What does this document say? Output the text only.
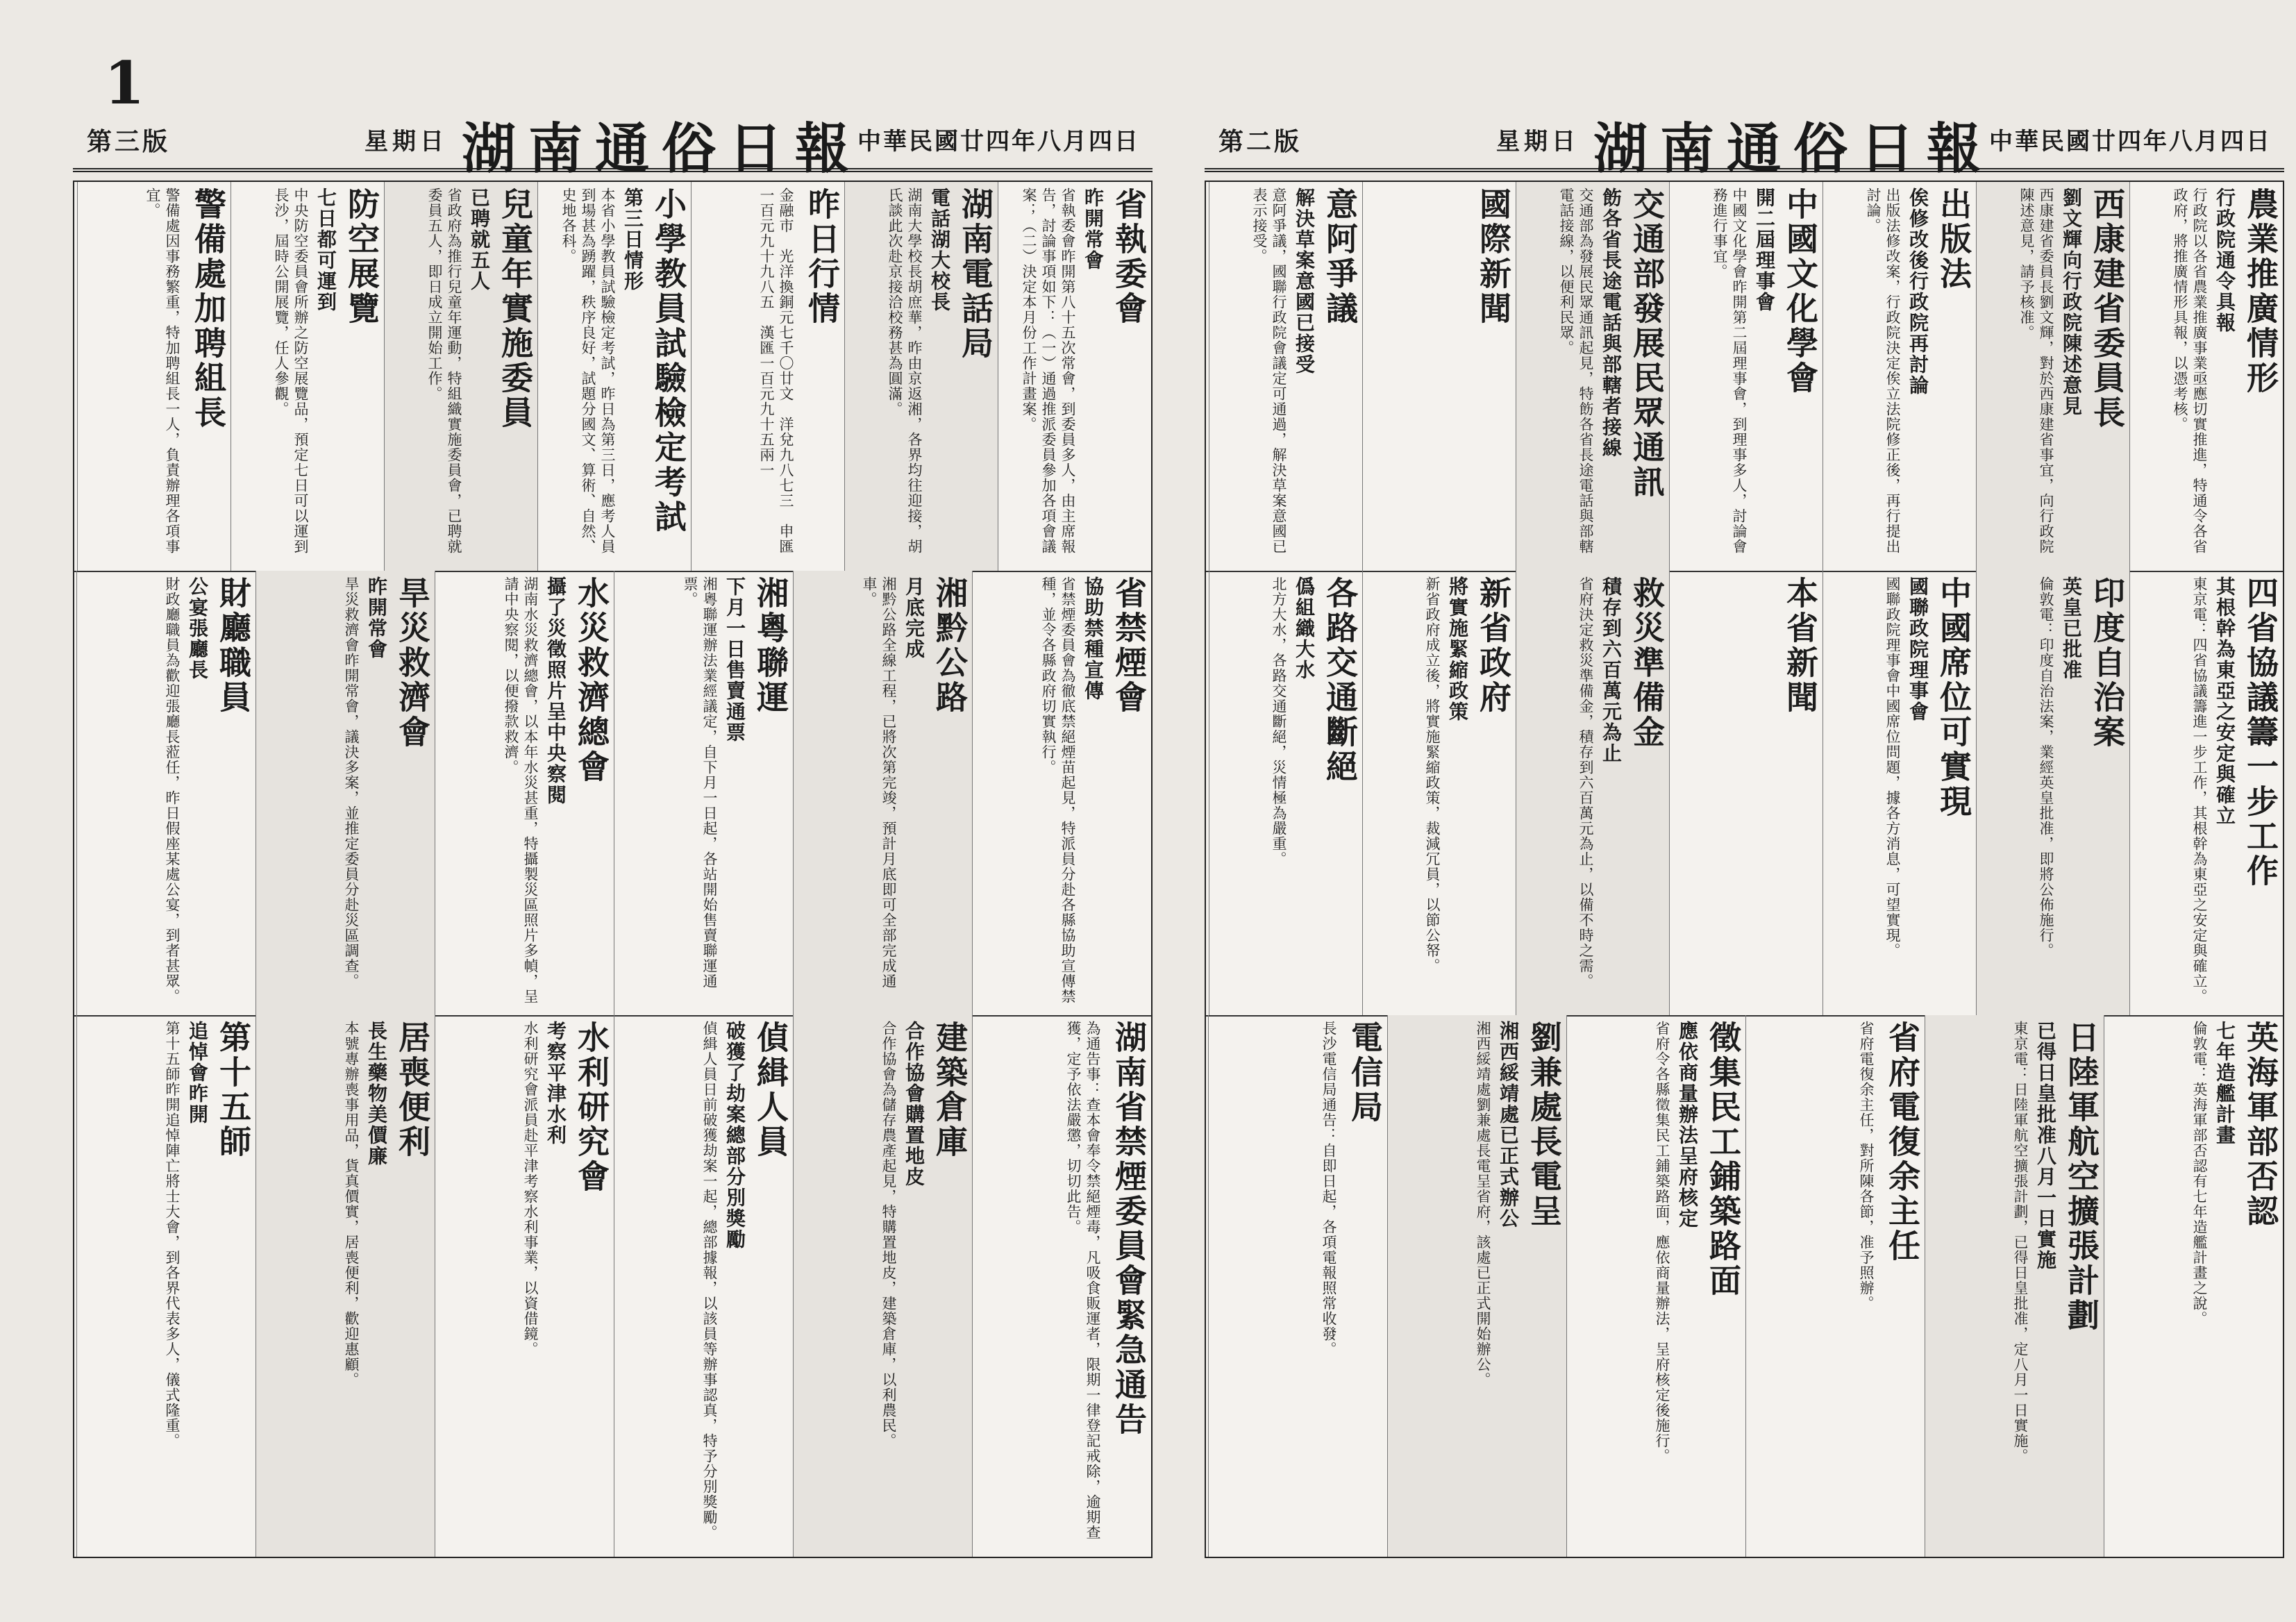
1
第三版	星期日 湖南通俗日報
中華民國廿四年八月四日
省執委會
昨開常會
省執委會昨開第八十五次常會，到委員多人，由主席報告，討論事項如下：（一）通過推派委員參加各項會議案；（二）決定本月份工作計畫案。
湖南電話局
電話湖大校長
湖南大學校長胡庶華，昨由京返湘，各界均往迎接，胡氏談此次赴京接洽校務甚為圓滿。
昨日行情
金融市　光洋換銅元七千〇廿文　洋兌九八七三　申匯一百元九十九八五　漢匯一百元九十五兩一
小學教員試驗檢定考試
第三日情形
本省小學教員試驗檢定考試，昨日為第三日，應考人員到場甚為踴躍，秩序良好，試題分國文、算術、自然、史地各科。
兒童年實施委員
已聘就五人
省政府為推行兒童年運動，特組織實施委員會，已聘就委員五人，即日成立開始工作。
防空展覽
七日都可運到
中央防空委員會所辦之防空展覽品，預定七日可以運到長沙，屆時公開展覽，任人參觀。
警備處加聘組長
警備處因事務繁重，特加聘組長一人，負責辦理各項事宜。
省禁煙會
協助禁種宣傳
省禁煙委員會為徹底禁絕煙苗起見，特派員分赴各縣協助宣傳禁種，並令各縣政府切實執行。
湘黔公路
月底完成
湘黔公路全線工程，已將次第完竣，預計月底即可全部完成通車。
湘粵聯運
下月一日售賣通票
湘粵聯運辦法業經議定，自下月一日起，各站開始售賣聯運通票。
水災救濟總會
攝了災徵照片呈中央察閱
湖南水災救濟總會，以本年水災甚重，特攝製災區照片多幀，呈請中央察閱，以便撥款救濟。
旱災救濟會
昨開常會
旱災救濟會昨開常會，議決多案，並推定委員分赴災區調查。
財廳職員
公宴張廳長
財政廳職員為歡迎張廳長蒞任，昨日假座某處公宴，到者甚眾。
湖南省禁煙委員會緊急通告
為通告事：查本會奉令禁絕煙毒，凡吸食販運者，限期一律登記戒除，逾期查獲，定予依法嚴懲，切切此告。
建築倉庫
合作協會購置地皮
合作協會為儲存農產起見，特購置地皮，建築倉庫，以利農民。
偵緝人員
破獲了劫案總部分別獎勵
偵緝人員日前破獲劫案一起，總部據報，以該員等辦事認真，特予分別獎勵。
水利研究會
考察平津水利
水利研究會派員赴平津考察水利事業，以資借鏡。
居喪便利
長生藥物美價廉
本號專辦喪事用品，貨真價實，居喪便利，歡迎惠顧。
第十五師
追悼會昨開
第十五師昨開追悼陣亡將士大會，到各界代表多人，儀式隆重。
第二版	星期日 湖南通俗日報
中華民國廿四年八月四日
農業推廣情形
行政院通令具報
行政院以各省農業推廣事業亟應切實推進，特通令各省政府，將推廣情形具報，以憑考核。
西康建省委員長
劉文輝向行政院陳述意見
西康建省委員長劉文輝，對於西康建省事宜，向行政院陳述意見，請予核准。
出版法
俟修改後行政院再討論
出版法修改案，行政院決定俟立法院修正後，再行提出討論。
中國文化學會
開二屆理事會
中國文化學會昨開第二屆理事會，到理事多人，討論會務進行事宜。
交通部發展民眾通訊
飭各省長途電話與部轄者接線
交通部為發展民眾通訊起見，特飭各省長途電話與部轄電話接線，以便利民眾。
國際新聞
意阿爭議
解決草案意國已接受
意阿爭議，國聯行政院會議定可通過，解決草案意國已表示接受。
四省協議籌一步工作
其根幹為東亞之安定與確立
東京電：四省協議籌進一步工作，其根幹為東亞之安定與確立。
印度自治案
英皇已批准
倫敦電：印度自治法案，業經英皇批准，即將公佈施行。
中國席位可實現
國聯政院理事會
國聯政院理事會中國席位問題，據各方消息，可望實現。
本省新聞
救災準備金
積存到六百萬元為止
省府決定救災準備金，積存到六百萬元為止，以備不時之需。
新省政府
將實施緊縮政策
新省政府成立後，將實施緊縮政策，裁減冗員，以節公帑。
各路交通斷絕
僞組織大水
北方大水，各路交通斷絕，災情極為嚴重。
英海軍部否認
七年造艦計畫
倫敦電：英海軍部否認有七年造艦計畫之說。
日陸軍航空擴張計劃
已得日皇批准八月一日實施
東京電：日陸軍航空擴張計劃，已得日皇批准，定八月一日實施。
省府電復余主任
省府電復余主任，對所陳各節，准予照辦。
徵集民工鋪築路面
應依商量辦法呈府核定
省府令各縣徵集民工鋪築路面，應依商量辦法，呈府核定後施行。
劉兼處長電呈
湘西綏靖處已正式辦公
湘西綏靖處劉兼處長電呈省府，該處已正式開始辦公。
電信局
長沙電信局通告：自即日起，各項電報照常收發。
